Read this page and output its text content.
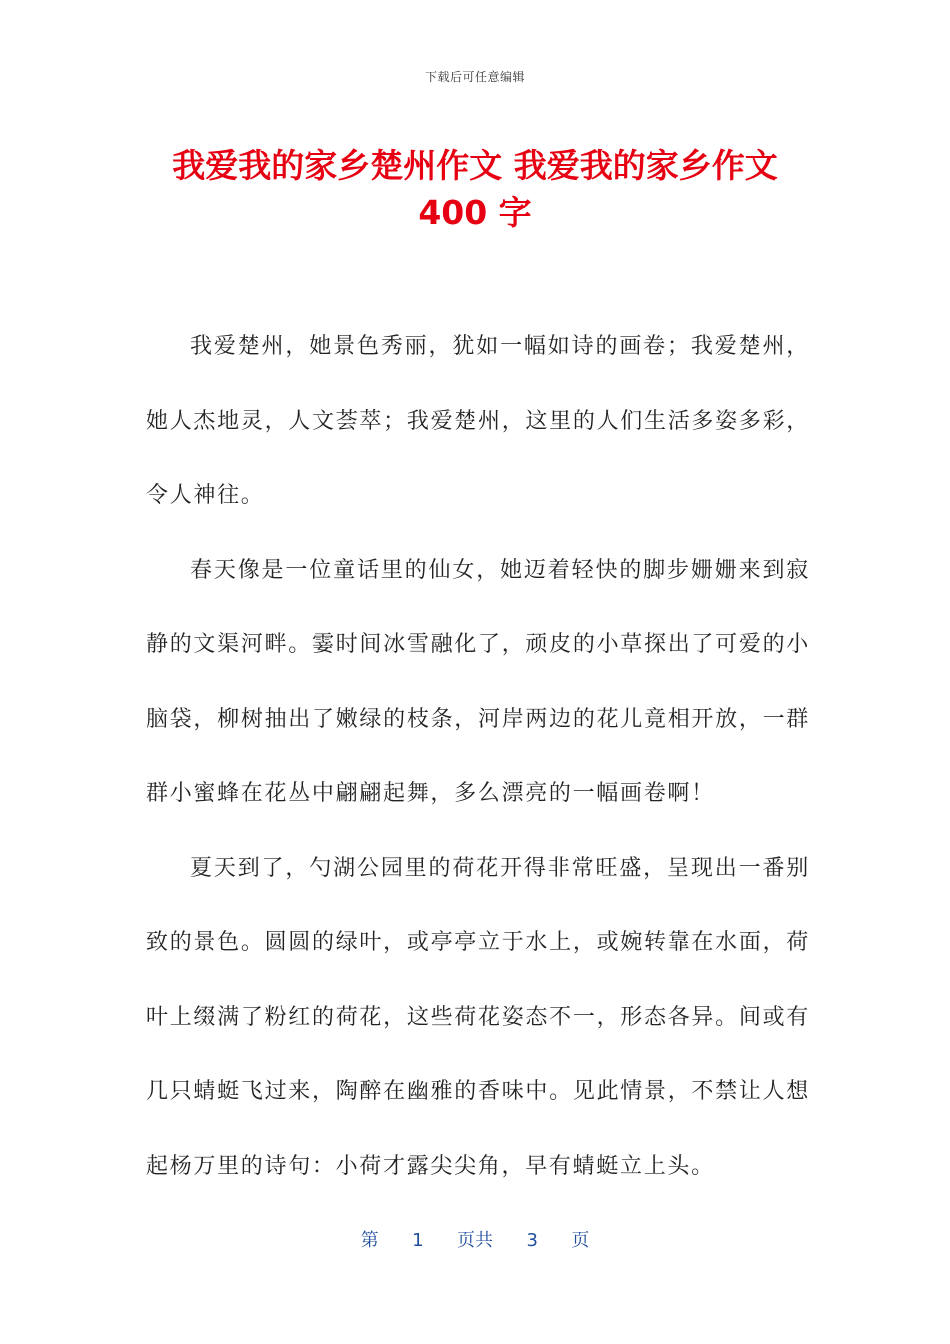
下载后可任意编辑
我爱我的家乡楚州作文 我爱我的家乡作文
400 字

我爱楚州，她景色秀丽，犹如一幅如诗的画卷；我爱楚州，她人杰地灵，人文荟萃；我爱楚州，这里的人们生活多姿多彩，令人神往。

春天像是一位童话里的仙女，她迈着轻快的脚步姗姗来到寂静的文渠河畔。霎时间冰雪融化了，顽皮的小草探出了可爱的小脑袋，柳树抽出了嫩绿的枝条，河岸两边的花儿竟相开放，一群群小蜜蜂在花丛中翩翩起舞，多么漂亮的一幅画卷啊！

夏天到了，勺湖公园里的荷花开得非常旺盛，呈现出一番别致的景色。圆圆的绿叶，或亭亭立于水上，或婉转靠在水面，荷叶上缀满了粉红的荷花，这些荷花姿态不一，形态各异。间或有几只蜻蜓飞过来，陶醉在幽雅的香味中。见此情景，不禁让人想起杨万里的诗句：小荷才露尖尖角，早有蜻蜓立上头。

第 1 页共 3 页
